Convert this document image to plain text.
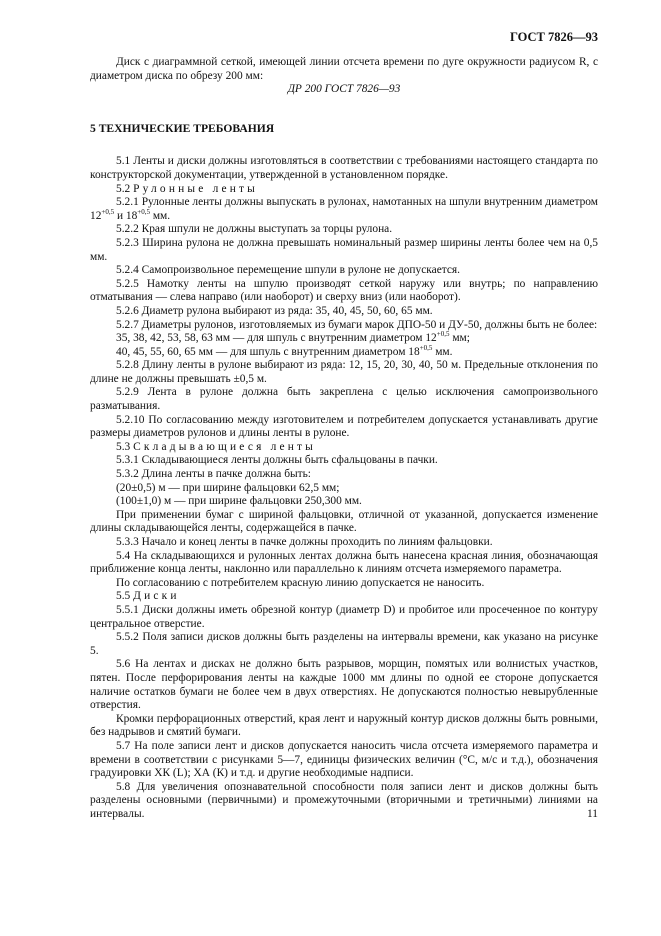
ГОСТ 7826—93

Диск с диаграммной сеткой, имеющей линии отсчета времени по дуге окружности радиусом R, с диаметром диска по обрезу 200 мм:

ДР 200 ГОСТ 7826—93

5 ТЕХНИЧЕСКИЕ ТРЕБОВАНИЯ

5.1 Ленты и диски должны изготовляться в соответствии с требованиями настоящего стандарта по конструкторской документации, утвержденной в установленном порядке.

5.2 Рулонные ленты

5.2.1 Рулонные ленты должны выпускать в рулонах, намотанных на шпули внутренним диаметром $12^{+0,5}$ и $18^{+0,5}$ мм.

5.2.2 Края шпули не должны выступать за торцы рулона.

5.2.3 Ширина рулона не должна превышать номинальный размер ширины ленты более чем на 0,5 мм.

5.2.4 Самопроизвольное перемещение шпули в рулоне не допускается.

5.2.5 Намотку ленты на шпулю производят сеткой наружу или внутрь; по направлению отматывания — слева направо (или наоборот) и сверху вниз (или наоборот).

5.2.6 Диаметр рулона выбирают из ряда: 35, 40, 45, 50, 60, 65 мм.

5.2.7 Диаметры рулонов, изготовляемых из бумаги марок ДПО-50 и ДУ-50, должны быть не более:

35, 38, 42, 53, 58, 63 мм — для шпуль с внутренним диаметром $12^{+0,5}$ мм;

40, 45, 55, 60, 65 мм — для шпуль с внутренним диаметром $18^{+0,5}$ мм.

5.2.8 Длину ленты в рулоне выбирают из ряда: 12, 15, 20, 30, 40, 50 м. Предельные отклонения по длине не должны превышать ±0,5 м.

5.2.9 Лента в рулоне должна быть закреплена с целью исключения самопроизвольного разматывания.

5.2.10 По согласованию между изготовителем и потребителем допускается устанавливать другие размеры диаметров рулонов и длины ленты в рулоне.

5.3 Складывающиеся ленты

5.3.1 Складывающиеся ленты должны быть сфальцованы в пачки.

5.3.2 Длина ленты в пачке должна быть:

(20±0,5) м — при ширине фальцовки 62,5 мм;

(100±1,0) м — при ширине фальцовки 250,300 мм.

При применении бумаг с шириной фальцовки, отличной от указанной, допускается изменение длины складывающейся ленты, содержащейся в пачке.

5.3.3 Начало и конец ленты в пачке должны проходить по линиям фальцовки.

5.4 На складывающихся и рулонных лентах должна быть нанесена красная линия, обозначающая приближение конца ленты, наклонно или параллельно к линиям отсчета измеряемого параметра.

По согласованию с потребителем красную линию допускается не наносить.

5.5 Диски

5.5.1 Диски должны иметь обрезной контур (диаметр D) и пробитое или просеченное по контуру центральное отверстие.

5.5.2 Поля записи дисков должны быть разделены на интервалы времени, как указано на рисунке 5.

5.6 На лентах и дисках не должно быть разрывов, морщин, помятых или волнистых участков, пятен. После перфорирования ленты на каждые 1000 мм длины по одной ее стороне допускается наличие остатков бумаги не более чем в двух отверстиях. Не допускаются полностью невырубленные отверстия.

Кромки перфорационных отверстий, края лент и наружный контур дисков должны быть ровными, без надрывов и смятий бумаги.

5.7 На поле записи лент и дисков допускается наносить числа отсчета измеряемого параметра и времени в соответствии с рисунками 5—7, единицы физических величин (°С, м/с и т.д.), обозначения градуировки ХК (L); ХА (К) и т.д. и другие необходимые надписи.

5.8 Для увеличения опознавательной способности поля записи лент и дисков должны быть разделены основными (первичными) и промежуточными (вторичными и третичными) линиями на интервалы.	11
